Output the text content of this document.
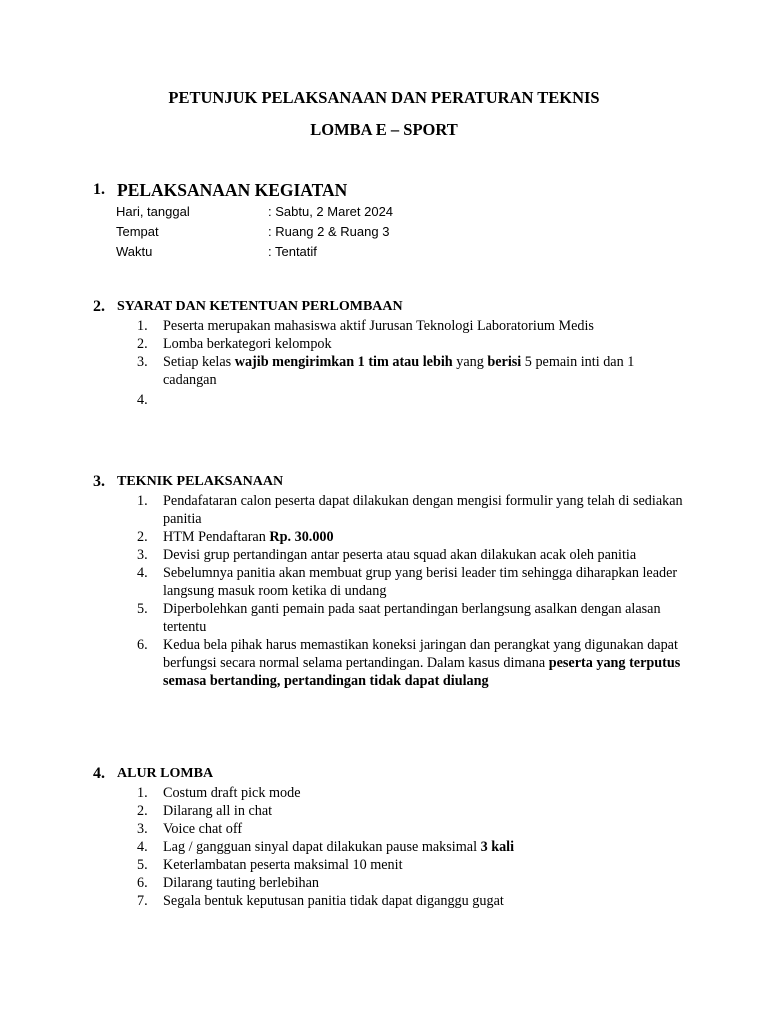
PETUNJUK PELAKSANAAN DAN PERATURAN TEKNIS
LOMBA E – SPORT
1. PELAKSANAAN KEGIATAN
Hari, tanggal	: Sabtu, 2 Maret 2024
Tempat	: Ruang 2 & Ruang 3
Waktu	: Tentatif
2. SYARAT DAN KETENTUAN PERLOMBAAN
1. Peserta merupakan mahasiswa aktif Jurusan Teknologi Laboratorium Medis
2. Lomba berkategori kelompok
3. Setiap kelas wajib mengirimkan 1 tim atau lebih yang berisi 5 pemain inti dan 1 cadangan
4.
3. TEKNIK PELAKSANAAN
1. Pendafataran calon peserta dapat dilakukan dengan mengisi formulir yang telah di sediakan panitia
2. HTM Pendaftaran Rp. 30.000
3. Devisi grup pertandingan antar peserta atau squad akan dilakukan acak oleh panitia
4. Sebelumnya panitia akan membuat grup yang berisi leader tim sehingga diharapkan leader langsung masuk room ketika di undang
5. Diperbolehkan ganti pemain pada saat pertandingan berlangsung asalkan dengan alasan tertentu
6. Kedua bela pihak harus memastikan koneksi jaringan dan perangkat yang digunakan dapat berfungsi secara normal selama pertandingan. Dalam kasus dimana peserta yang terputus semasa bertanding, pertandingan tidak dapat diulang
4. ALUR LOMBA
1. Costum draft pick mode
2. Dilarang all in chat
3. Voice chat off
4. Lag / gangguan sinyal dapat dilakukan pause maksimal 3 kali
5. Keterlambatan peserta maksimal 10 menit
6. Dilarang tauting berlebihan
7. Segala bentuk keputusan panitia tidak dapat diganggu gugat
